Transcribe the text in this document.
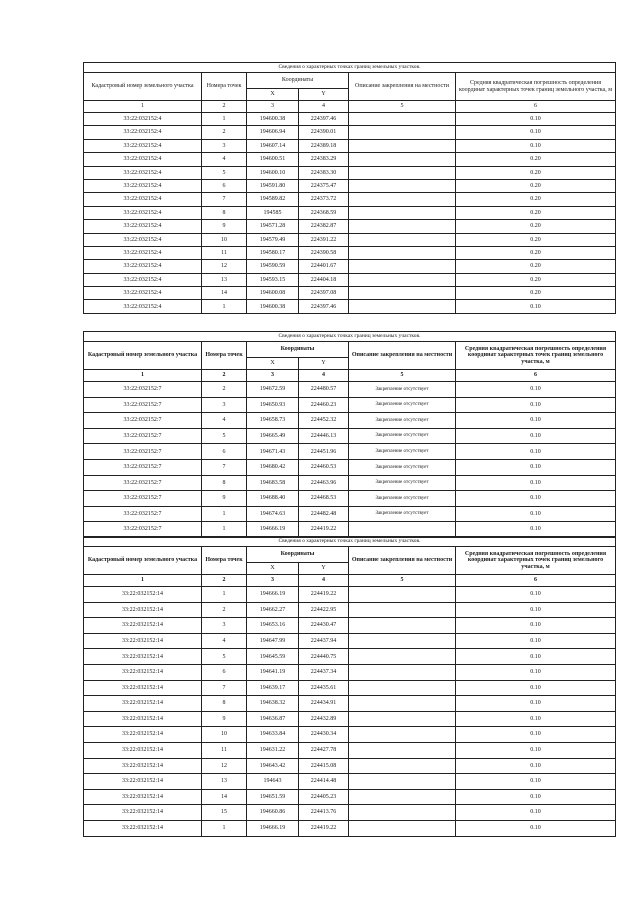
Сведения о характерных точках границ земельных участков.					
Кадастровый номер земельного участка	Номера точек	Координаты		Описание закрепления на местности	Средняя квадратическая погрешность определения координат характерных точек границ земельного участка, м
		X	Y		
1	2	3	4	5	6
33:22:032152:4	1	194600.38	224397.46		0.10
33:22:032152:4	2	194606.94	224390.01		0.10
33:22:032152:4	3	194607.14	224389.18		0.10
33:22:032152:4	4	194600.51	224383.29		0.20
33:22:032152:4	5	194600.10	224383.30		0.20
33:22:032152:4	6	194591.80	224375.47		0.20
33:22:032152:4	7	194589.82	224373.72		0.20
33:22:032152:4	8	194585	224368.59		0.20
33:22:032152:4	9	194571.28	224382.87		0.20
33:22:032152:4	10	194579.49	224391.22		0.20
33:22:032152:4	11	194580.17	224390.58		0.20
33:22:032152:4	12	194590.59	224401.67		0.20
33:22:032152:4	13	194593.15	224404.18		0.20
33:22:032152:4	14	194600.08	224397.08		0.20
33:22:032152:4	1	194600.38	224397.46		0.10
Сведения о характерных точках границ земельных участков.					
Кадастровый номер земельного участка	Номера точек	Координаты		Описание закрепления на местности	Средняя квадратическая погрешность определения координат характерных точек границ земельного участка, м
		X	Y		
1	2	3	4	5	6
33:22:032152:7	2	194672.59	224480.57	Закрепление отсутствует	0.10
33:22:032152:7	3	194650.93	224460.23	Закрепление отсутствует	0.10
33:22:032152:7	4	194658.73	224452.32	Закрепление отсутствует	0.10
33:22:032152:7	5	194665.49	224446.13	Закрепление отсутствует	0.10
33:22:032152:7	6	194671.43	224451.96	Закрепление отсутствует	0.10
33:22:032152:7	7	194680.42	224460.53	Закрепление отсутствует	0.10
33:22:032152:7	8	194683.58	224463.96	Закрепление отсутствует	0.10
33:22:032152:7	9	194688.40	224468.53	Закрепление отсутствует	0.10
33:22:032152:7	1	194674.63	224482.48	Закрепление отсутствует	0.10
33:22:032152:7	1	194666.19	224419.22		0.10
Сведения о характерных точках границ земельных участков.					
Кадастровый номер земельного участка	Номера точек	Координаты		Описание закрепления на местности	Средняя квадратическая погрешность определения координат характерных точек границ земельного участка, м
		X	Y		
1	2	3	4	5	6
33:22:032152:14	1	194666.19	224419.22		0.10
33:22:032152:14	2	194662.27	224422.95		0.10
33:22:032152:14	3	194653.16	224430.47		0.10
33:22:032152:14	4	194647.99	224437.94		0.10
33:22:032152:14	5	194645.59	224440.75		0.10
33:22:032152:14	6	194641.19	224437.34		0.10
33:22:032152:14	7	194639.17	224435.61		0.10
33:22:032152:14	8	194638.32	224434.91		0.10
33:22:032152:14	9	194636.87	224432.89		0.10
33:22:032152:14	10	194633.84	224430.34		0.10
33:22:032152:14	11	194631.22	224427.78		0.10
33:22:032152:14	12	194643.42	224415.08		0.10
33:22:032152:14	13	194643	224414.48		0.10
33:22:032152:14	14	194651.59	224405.23		0.10
33:22:032152:14	15	194660.86	224413.76		0.10
33:22:032152:14	1	194666.19	224419.22		0.10
